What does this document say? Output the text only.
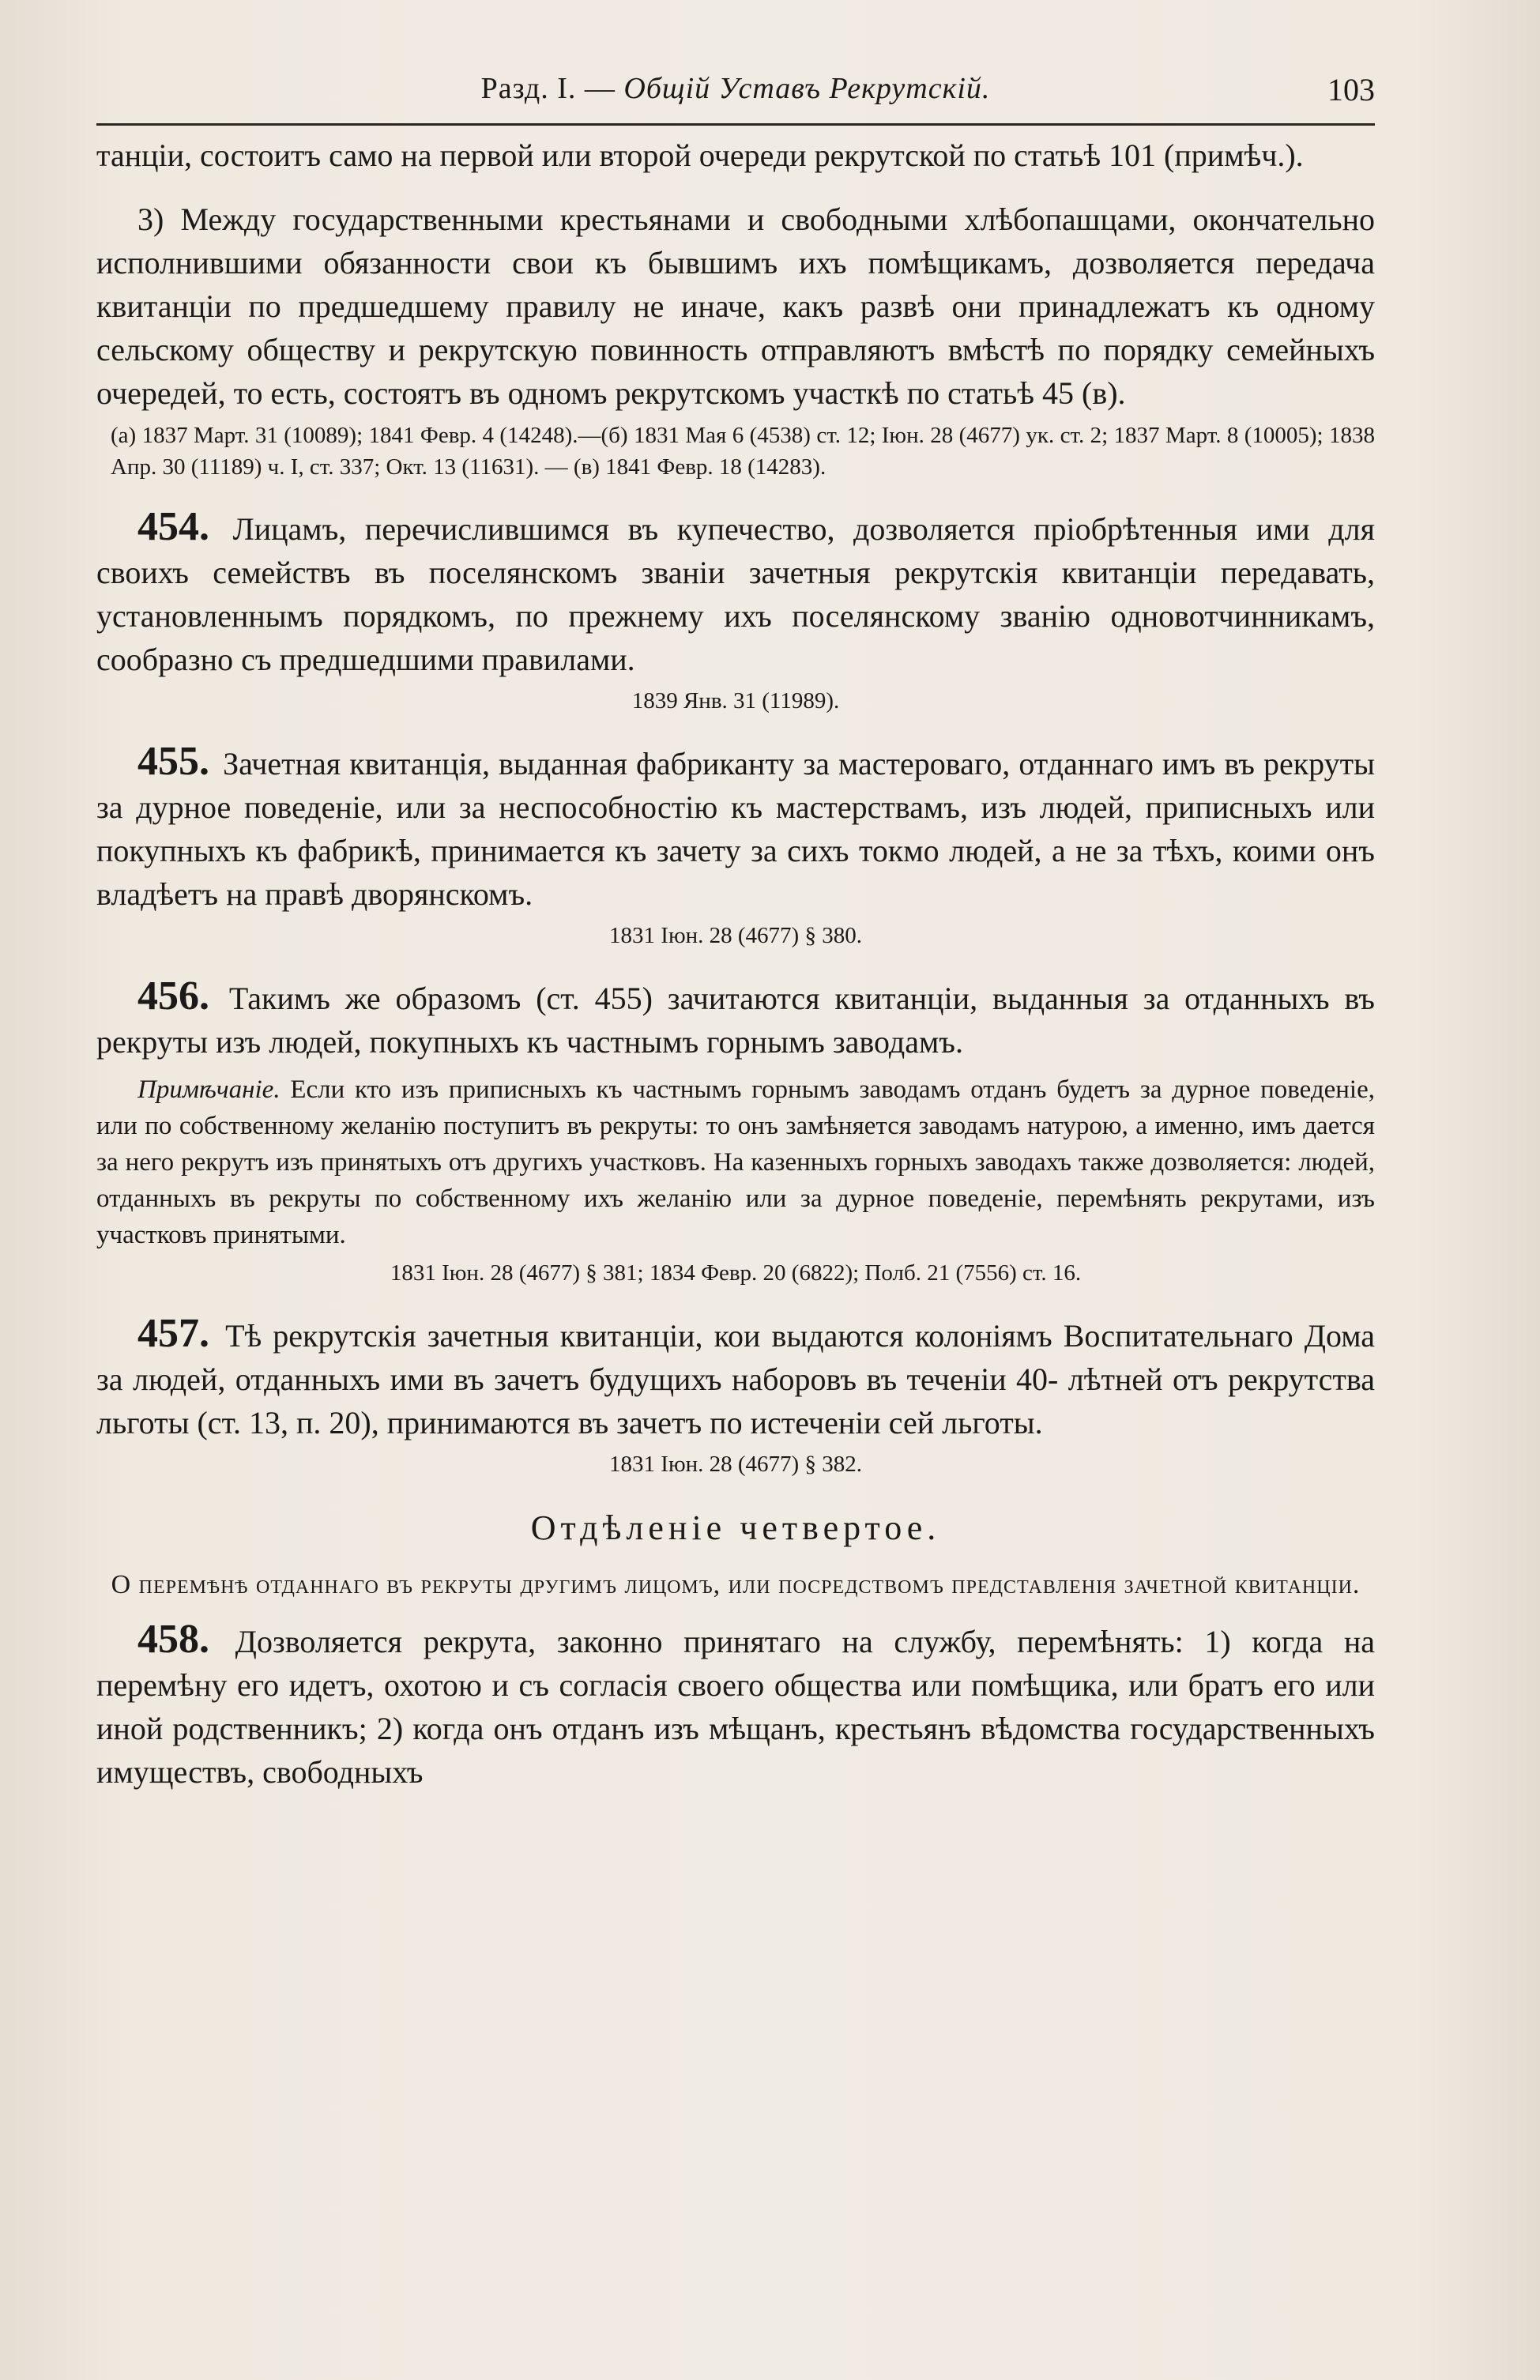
Разд. I. — Общій Уставъ Рекрутскій.	103

танціи, состоитъ само на первой или второй очереди рекрутской по статьѣ 101 (примѣч.).

3) Между государственными крестьянами и свободными хлѣбопашцами, окончательно исполнившими обязанности свои къ бывшимъ ихъ помѣщикамъ, дозволяется передача квитанціи по предшедшему правилу не иначе, какъ развѣ они принадлежатъ къ одному сельскому обществу и рекрутскую повинность отправляютъ вмѣстѣ по порядку семейныхъ очередей, то есть, состоятъ въ одномъ рекрутскомъ участкѣ по статьѣ 45 (в).

(а) 1837 Март. 31 (10089); 1841 Февр. 4 (14248).—(б) 1831 Мая 6 (4538) ст. 12; Іюн. 28 (4677) ук. ст. 2; 1837 Март. 8 (10005); 1838 Апр. 30 (11189) ч. I, ст. 337; Окт. 13 (11631). — (в) 1841 Февр. 18 (14283).

454. Лицамъ, перечислившимся въ купечество, дозволяется пріобрѣтенныя ими для своихъ семействъ въ поселянскомъ званіи зачетныя рекрутскія квитанціи передавать, установленнымъ порядкомъ, по прежнему ихъ поселянскому званію одновотчинникамъ, сообразно съ предшедшими правилами.

1839 Янв. 31 (11989).

455. Зачетная квитанція, выданная фабриканту за мастероваго, отданнаго имъ въ рекруты за дурное поведеніе, или за неспособностію къ мастерствамъ, изъ людей, приписныхъ или покупныхъ къ фабрикѣ, принимается къ зачету за сихъ токмо людей, а не за тѣхъ, коими онъ владѣетъ на правѣ дворянскомъ.

1831 Іюн. 28 (4677) § 380.

456. Такимъ же образомъ (ст. 455) зачитаются квитанціи, выданныя за отданныхъ въ рекруты изъ людей, покупныхъ къ частнымъ горнымъ заводамъ.

Примѣчаніе. Если кто изъ приписныхъ къ частнымъ горнымъ заводамъ отданъ будетъ за дурное поведеніе, или по собственному желанію поступитъ въ рекруты: то онъ замѣняется заводамъ натурою, а именно, имъ дается за него рекрутъ изъ принятыхъ отъ другихъ участковъ. На казенныхъ горныхъ заводахъ также дозволяется: людей, отданныхъ въ рекруты по собственному ихъ желанію или за дурное поведеніе, перемѣнять рекрутами, изъ участковъ принятыми.

1831 Іюн. 28 (4677) § 381; 1834 Февр. 20 (6822); Полб. 21 (7556) ст. 16.

457. Тѣ рекрутскія зачетныя квитанціи, кои выдаются колоніямъ Воспитательнаго Дома за людей, отданныхъ ими въ зачетъ будущихъ наборовъ въ теченіи 40- лѣтней отъ рекрутства льготы (ст. 13, п. 20), принимаются въ зачетъ по истеченіи сей льготы.

1831 Іюн. 28 (4677) § 382.

Отдѣленіе четвертое.
О перемѣнѣ отданнаго въ рекруты другимъ лицомъ, или посредствомъ представленія зачетной квитанціи.

458. Дозволяется рекрута, законно принятаго на службу, перемѣнять: 1) когда на перемѣну его идетъ, охотою и съ согласія своего общества или помѣщика, или братъ его или иной родственникъ; 2) когда онъ отданъ изъ мѣщанъ, крестьянъ вѣдомства государственныхъ имуществъ, свободныхъ
